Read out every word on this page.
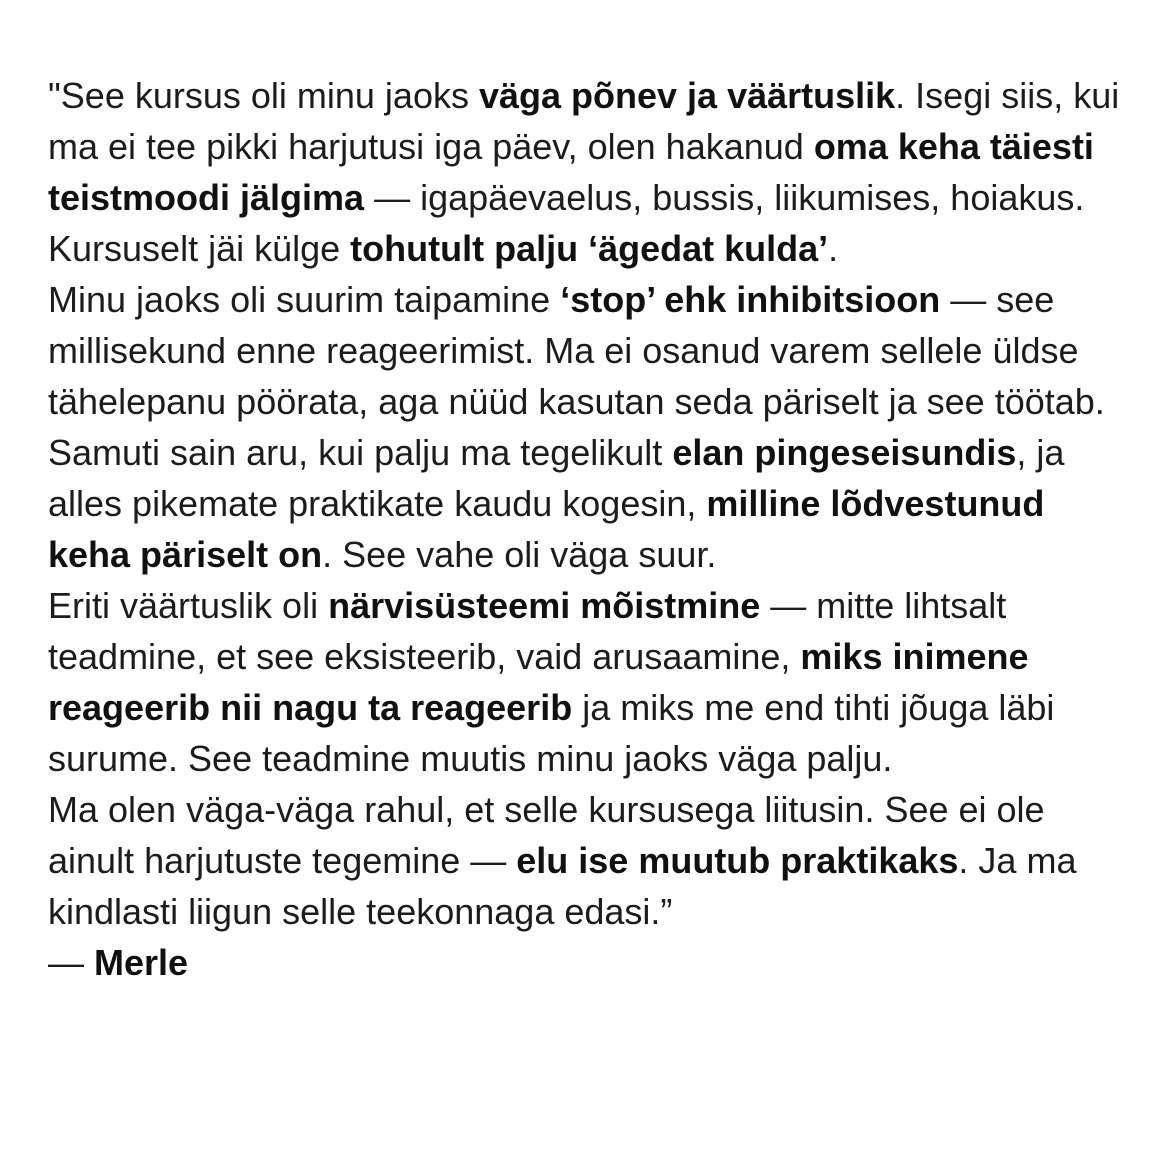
"See kursus oli minu jaoks väga põnev ja väärtuslik. Isegi siis, kui ma ei tee pikki harjutusi iga päev, olen hakanud oma keha täiesti teistmoodi jälgima — igapäevaelus, bussis, liikumises, hoiakus. Kursuselt jäi külge tohutult palju ‘ägedat kulda’.

Minu jaoks oli suurim taipamine ‘stop’ ehk inhibitsioon — see millisekund enne reageerimist. Ma ei osanud varem sellele üldse tähelepanu pöörata, aga nüüd kasutan seda päriselt ja see töötab. Samuti sain aru, kui palju ma tegelikult elan pingeseisundis, ja alles pikemate praktikate kaudu kogesin, milline lõdvestunud keha päriselt on. See vahe oli väga suur.

Eriti väärtuslik oli närvisüsteemi mõistmine — mitte lihtsalt teadmine, et see eksisteerib, vaid arusaamine, miks inimene reageerib nii nagu ta reageerib ja miks me end tihti jõuga läbi surume. See teadmine muutis minu jaoks väga palju.

Ma olen väga-väga rahul, et selle kursusega liitusin. See ei ole ainult harjutuste tegemine — elu ise muutub praktikaks. Ja ma kindlasti liigun selle teekonnaga edasi.”

— Merle
